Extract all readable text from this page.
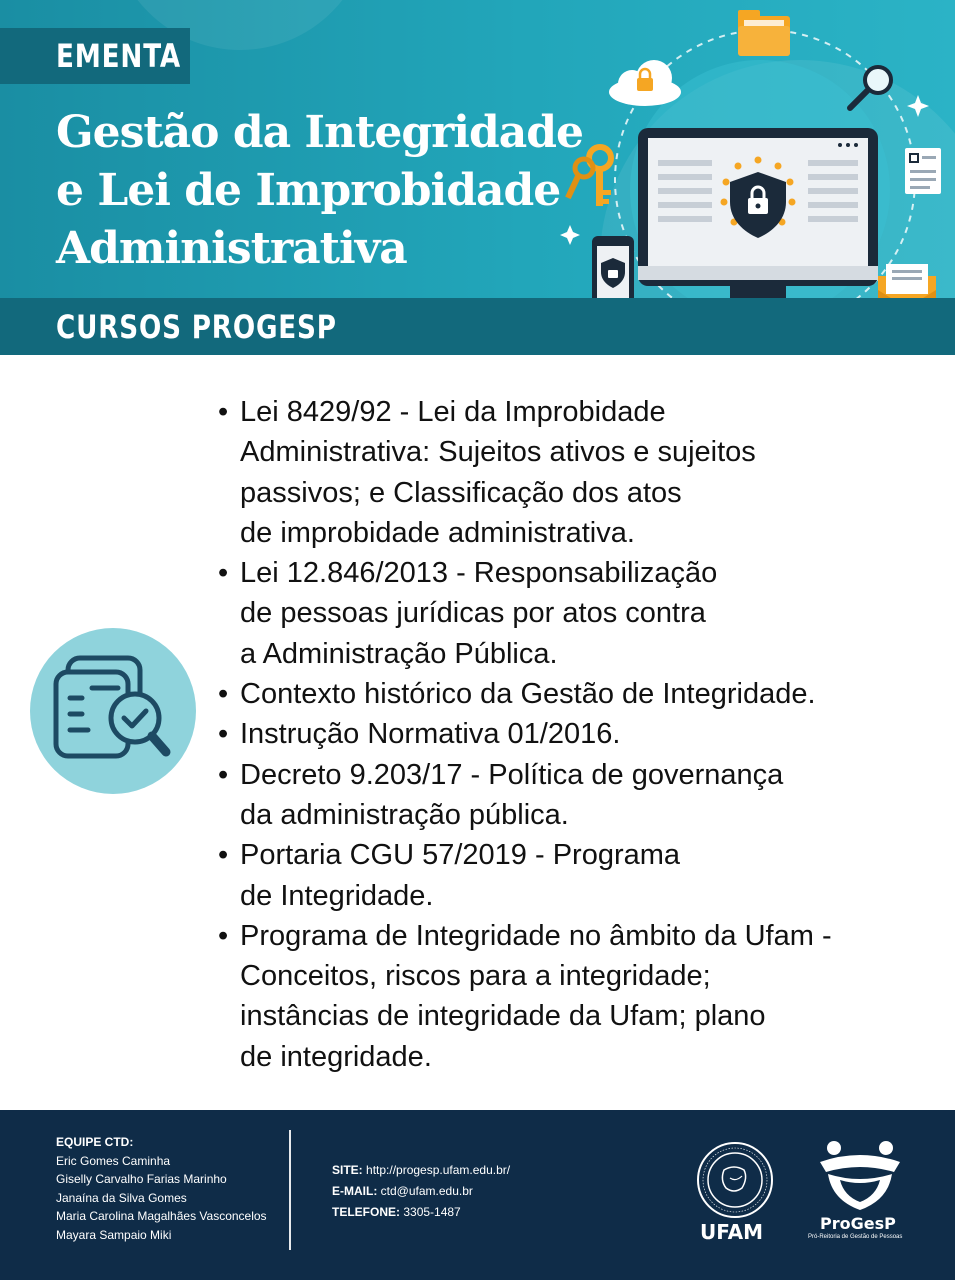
EMENTA
Gestão da Integridade
e Lei de Improbidade
Administrativa
CURSOS PROGESP
• Lei 8429/92 - Lei da Improbidade
Administrativa: Sujeitos ativos e sujeitos
passivos; e Classificação dos atos
de improbidade administrativa.
• Lei 12.846/2013 - Responsabilização
de pessoas jurídicas por atos contra
a Administração Pública.
• Contexto histórico da Gestão de Integridade.
• Instrução Normativa 01/2016.
• Decreto 9.203/17 - Política de governança
da administração pública.
• Portaria CGU 57/2019 - Programa
de Integridade.
• Programa de Integridade no âmbito da Ufam -
Conceitos, riscos para a integridade;
instâncias de integridade da Ufam; plano
de integridade.
EQUIPE CTD:
Eric Gomes Caminha
Giselly Carvalho Farias Marinho
Janaína da Silva Gomes
Maria Carolina Magalhães Vasconcelos
Mayara Sampaio Miki
SITE: http://progesp.ufam.edu.br/
E-MAIL: ctd@ufam.edu.br
TELEFONE: 3305-1487
UFAM	ProGesP
Pró-Reitoria de Gestão de Pessoas
